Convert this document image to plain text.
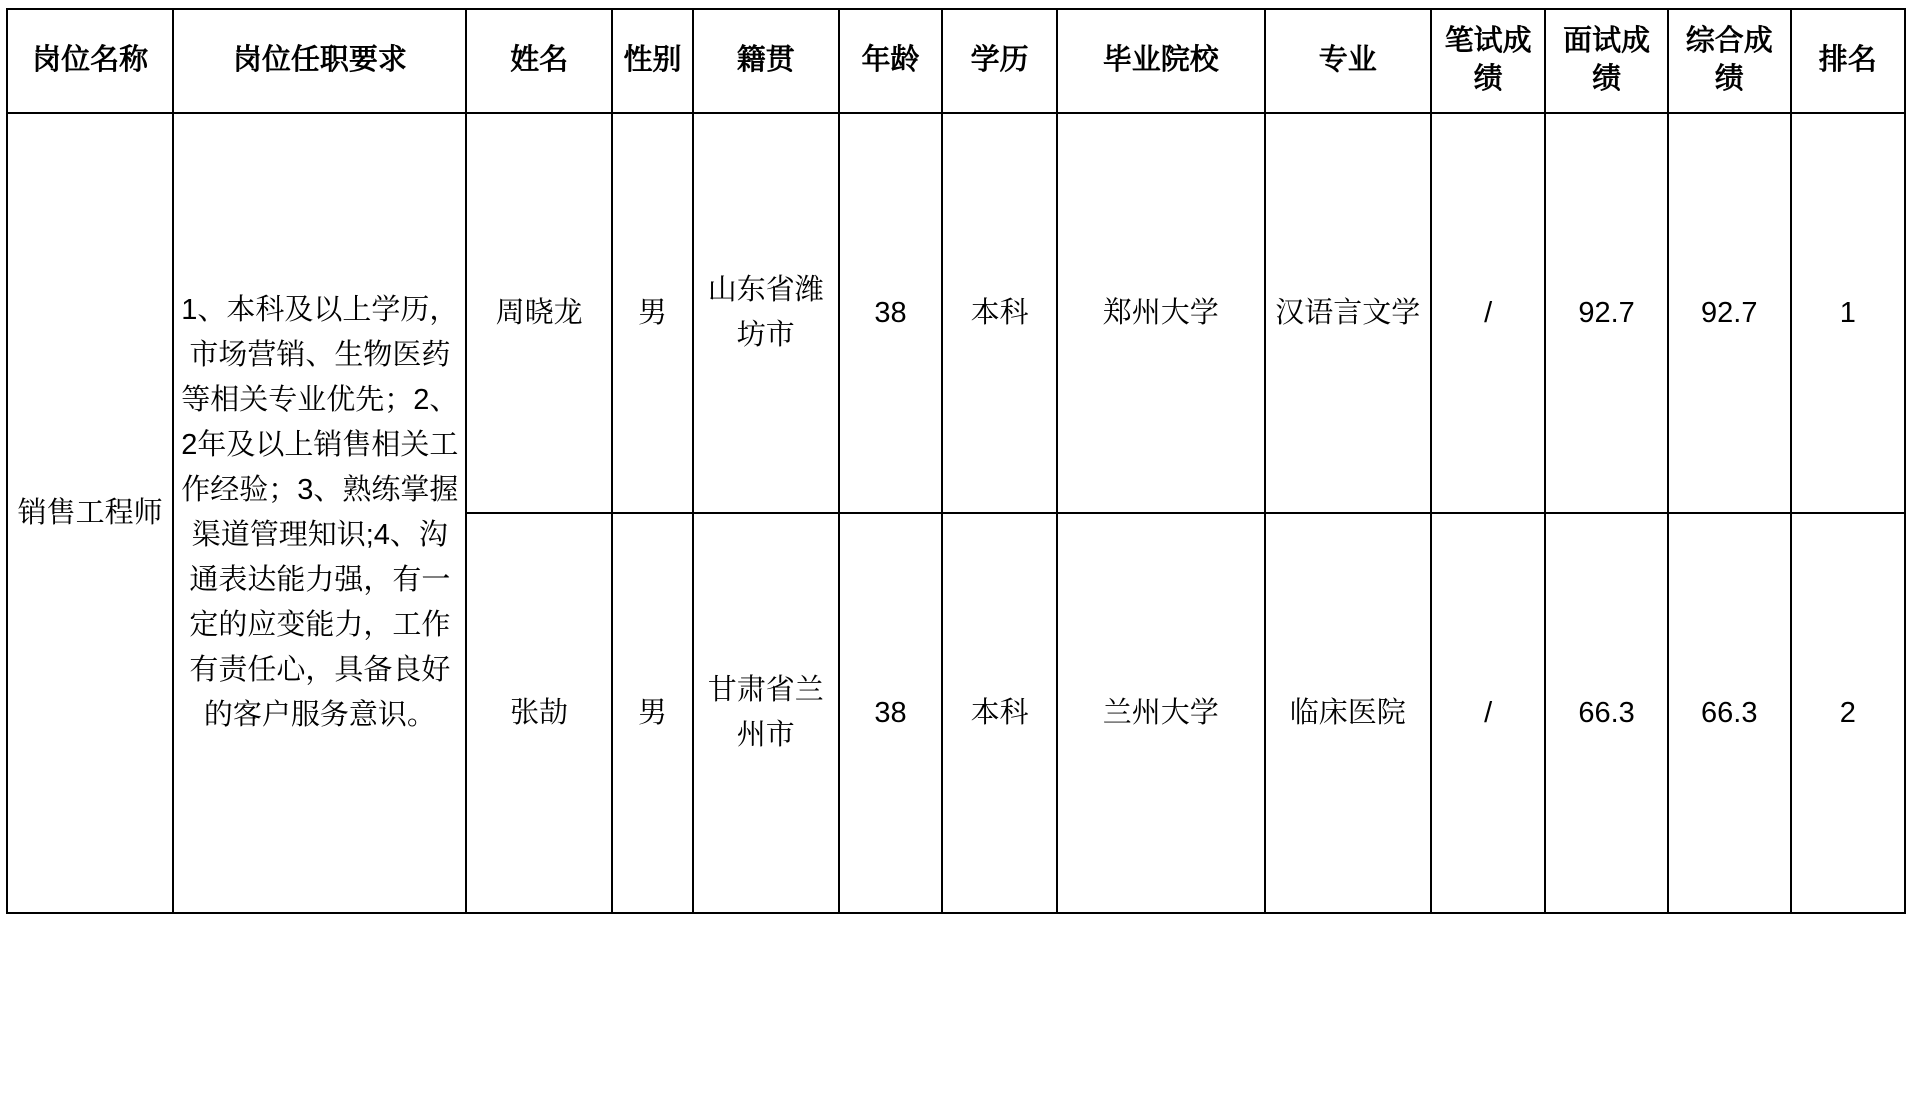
岗位名称	岗位任职要求	姓名	性别	籍贯	年龄	学历	毕业院校	专业	笔试成绩	面试成绩	综合成绩	排名
销售工程师	1、本科及以上学历，市场营销、生物医药等相关专业优先；2、2年及以上销售相关工作经验；3、熟练掌握渠道管理知识;4、沟通表达能力强，有一定的应变能力，工作有责任心，具备良好的客户服务意识。	周晓龙	男	山东省潍坊市	38	本科	郑州大学	汉语言文学	/	92.7	92.7	1
		张劼	男	甘肃省兰州市	38	本科	兰州大学	临床医院	/	66.3	66.3	2
